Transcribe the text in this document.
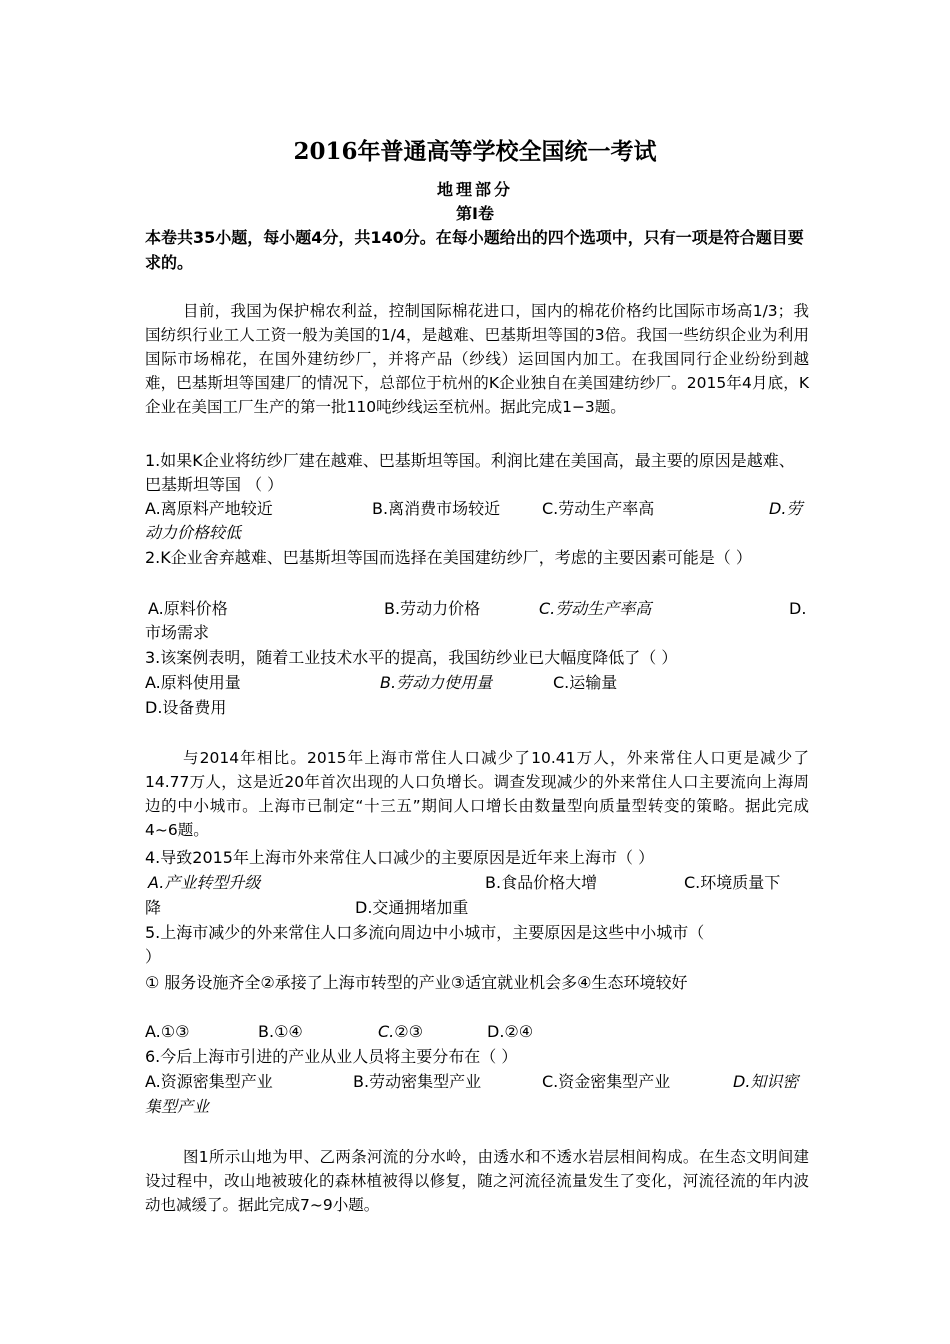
2016年普通高等学校全国统一考试
地理部分
第Ⅰ卷
本卷共35小题，每小题4分，共140分。在每小题给出的四个选项中，只有一项是符合题目要求的。
目前，我国为保护棉农利益，控制国际棉花进口，国内的棉花价格约比国际市场高1/3；我国纺织行业工人工资一般为美国的1/4，是越难、巴基斯坦等国的3倍。我国一些纺织企业为利用国际市场棉花，在国外建纺纱厂，并将产品（纱线）运回国内加工。在我国同行企业纷纷到越难，巴基斯坦等国建厂的情况下，总部位于杭州的K企业独自在美国建纺纱厂。2015年4月底，K企业在美国工厂生产的第一批110吨纱线运至杭州。据此完成1−3题。
1.如果K企业将纺纱厂建在越难、巴基斯坦等国。利润比建在美国高，最主要的原因是越难、巴基斯坦等国 （ ）
A.离原料产地较近	B.离消费市场较近	C.劳动生产率高	D.劳
动力价格较低
2.K企业舍弃越难、巴基斯坦等国而选择在美国建纺纱厂，考虑的主要因素可能是（ ）
A.原料价格	B.劳动力价格	C.劳动生产率高	D.
市场需求
3.该案例表明，随着工业技术水平的提高，我国纺纱业已大幅度降低了（ ）
A.原料使用量	B.劳动力使用量	C.运输量
D.设备费用
与2014年相比。2015年上海市常住人口减少了10.41万人，外来常住人口更是减少了14.77万人，这是近20年首次出现的人口负增长。调查发现减少的外来常住人口主要流向上海周边的中小城市。上海市已制定“十三五”期间人口增长由数量型向质量型转变的策略。据此完成4~6题。
4.导致2015年上海市外来常住人口减少的主要原因是近年来上海市（ ）
A.产业转型升级	B.食品价格大增	C.环境质量下
降	D.交通拥堵加重
5.上海市减少的外来常住人口多流向周边中小城市，主要原因是这些中小城市（
）
① 服务设施齐全②承接了上海市转型的产业③适宜就业机会多④生态环境较好
A.①③	B.①④	C.②③	D.②④
6.今后上海市引进的产业从业人员将主要分布在（ ）
A.资源密集型产业	B.劳动密集型产业	C.资金密集型产业	D.知识密
集型产业
图1所示山地为甲、乙两条河流的分水岭，由透水和不透水岩层相间构成。在生态文明间建设过程中，改山地被玻化的森林植被得以修复，随之河流径流量发生了变化，河流径流的年内波动也减缓了。据此完成7~9小题。
